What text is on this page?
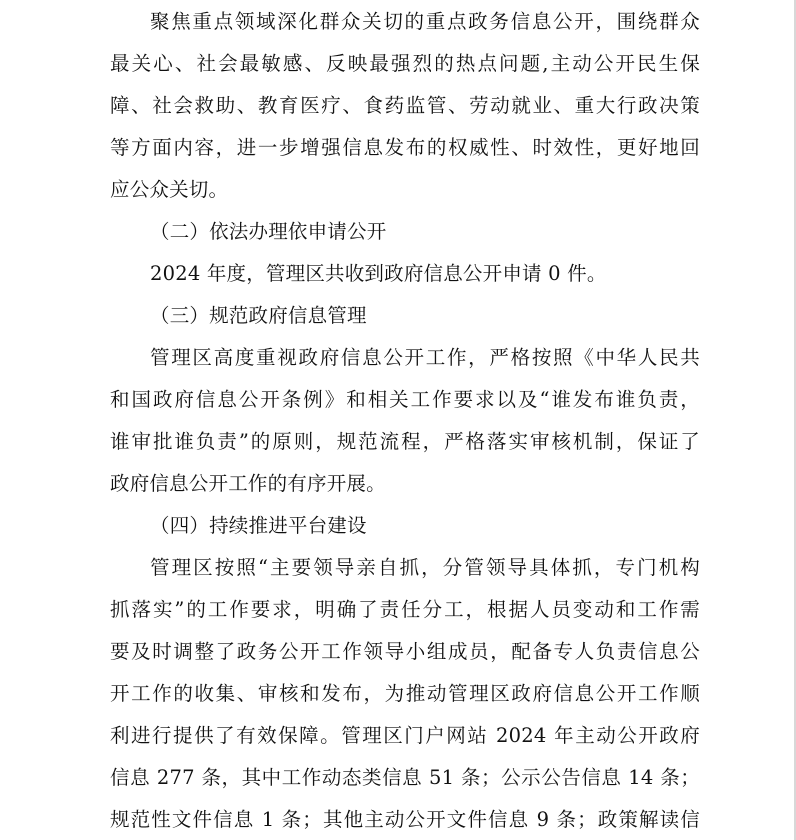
聚焦重点领域深化群众关切的重点政务信息公开，围绕群众
最关心、社会最敏感、反映最强烈的热点问题,主动公开民生保
障、社会救助、教育医疗、食药监管、劳动就业、重大行政决策
等方面内容，进一步增强信息发布的权威性、时效性，更好地回
应公众关切。
（二）依法办理依申请公开
2024 年度，管理区共收到政府信息公开申请 0 件。
（三）规范政府信息管理
管理区高度重视政府信息公开工作，严格按照《中华人民共
和国政府信息公开条例》和相关工作要求以及“谁发布谁负责，
谁审批谁负责”的原则，规范流程，严格落实审核机制，保证了
政府信息公开工作的有序开展。
（四）持续推进平台建设
管理区按照“主要领导亲自抓，分管领导具体抓，专门机构
抓落实”的工作要求，明确了责任分工，根据人员变动和工作需
要及时调整了政务公开工作领导小组成员，配备专人负责信息公
开工作的收集、审核和发布，为推动管理区政府信息公开工作顺
利进行提供了有效保障。管理区门户网站 2024 年主动公开政府
信息 277 条，其中工作动态类信息 51 条；公示公告信息 14 条；
规范性文件信息 1 条；其他主动公开文件信息 9 条；政策解读信
